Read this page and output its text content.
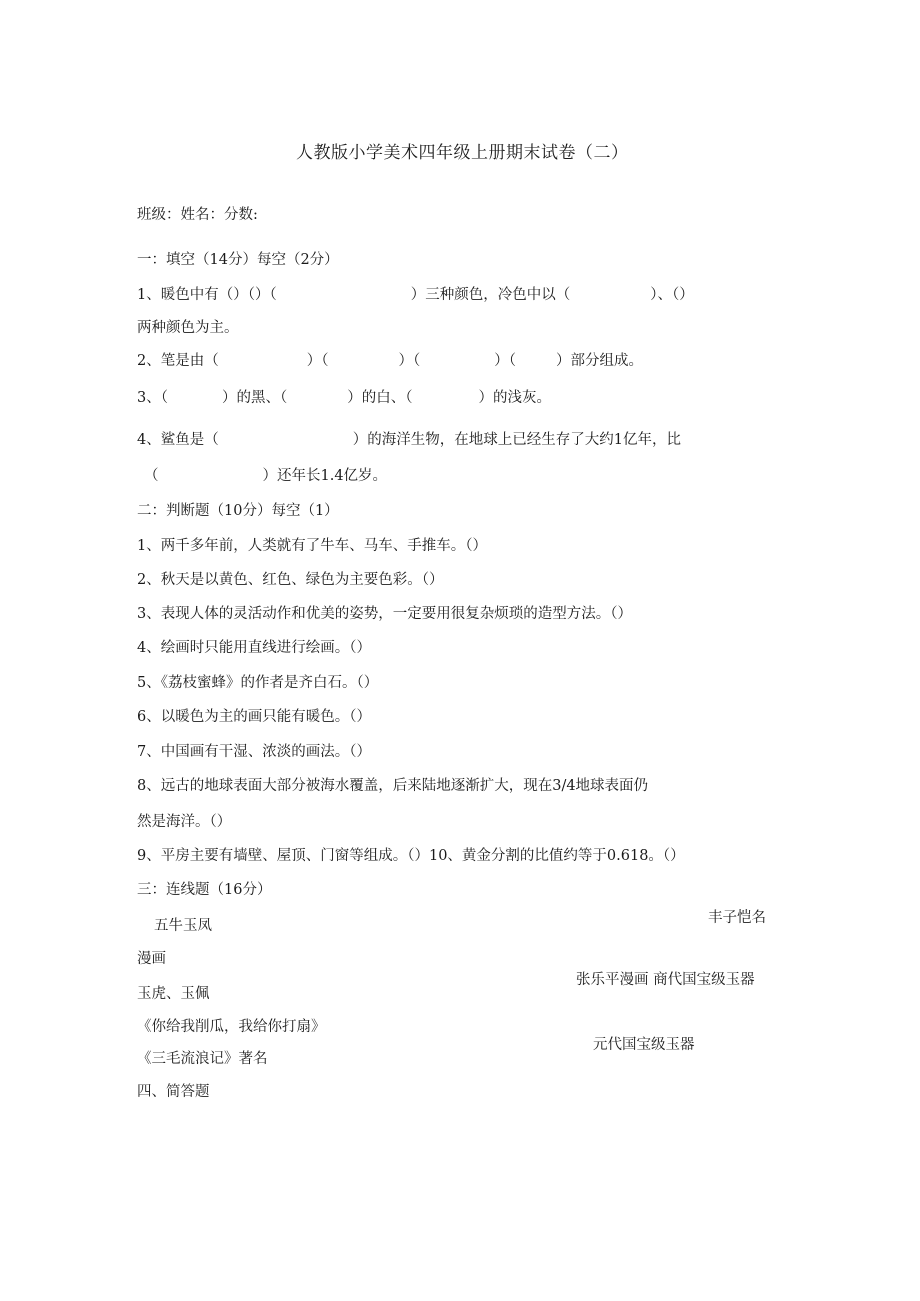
人教版小学美术四年级上册期末试卷（二）
班级：姓名：分数:
一：填空（14分）每空（2分）
1、暖色中有（）（）（	）三种颜色，冷色中以（	）、（）
两种颜色为主。
2、笔是由（	）（	）（	）（	）部分组成。
3、（	）的黑、（	）的白、（	）的浅灰。
4、鲨鱼是（	）的海洋生物，在地球上已经生存了大约1亿年，比
（	）还年长1.4亿岁。
二：判断题（10分）每空（1）
1、两千多年前，人类就有了牛车、马车、手推车。（）
2、秋天是以黄色、红色、绿色为主要色彩。（）
3、表现人体的灵活动作和优美的姿势，一定要用很复杂烦琐的造型方法。（）
4、绘画时只能用直线进行绘画。（）
5、《荔枝蜜蜂》的作者是齐白石。（）
6、以暖色为主的画只能有暖色。（）
7、中国画有干湿、浓淡的画法。（）
8、远古的地球表面大部分被海水覆盖，后来陆地逐渐扩大，现在3/4地球表面仍
然是海洋。（）
9、平房主要有墙壁、屋顶、门窗等组成。（）10、黄金分割的比值约等于0.618。（）
三：连线题（16分）
五牛玉凤
漫画
玉虎、玉佩
《你给我削瓜，我给你打扇》
《三毛流浪记》著名
丰子恺名
张乐平漫画 商代国宝级玉器
元代国宝级玉器
四、简答题
